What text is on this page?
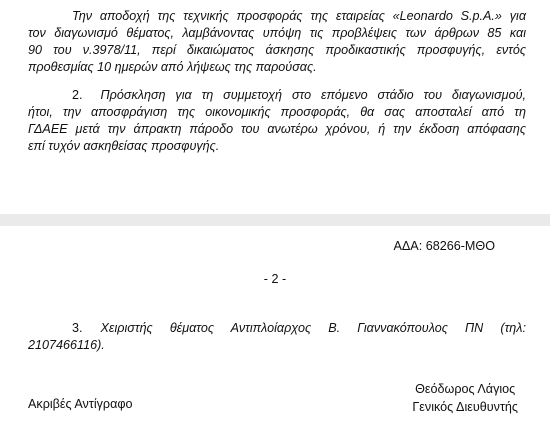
Την αποδοχή της τεχνικής προσφοράς της εταιρείας «Leonardo S.p.A.» για
τον διαγωνισμό θέματος, λαμβάνοντας υπόψη τις προβλέψεις των άρθρων 85 και
90 του ν.3978/11, περί δικαιώματος άσκησης προδικαστικής προσφυγής, εντός
προθεσμίας 10 ημερών από λήψεως της παρούσας.
2. Πρόσκληση για τη συμμετοχή στο επόμενο στάδιο του διαγωνισμού,
ήτοι, την αποσφράγιση της οικονομικής προσφοράς, θα σας αποσταλεί από τη
ΓΔΑΕΕ μετά την άπρακτη πάροδο του ανωτέρω χρόνου, ή την έκδοση απόφασης
επί τυχόν ασκηθείσας προσφυγής.
ΑΔΑ: 68266-ΜΘΟ
- 2 -
3. Χειριστής θέματος Αντιπλοίαρχος Β. Γιαννακόπουλος ΠΝ (τηλ:
2107466116).
Ακριβές Αντίγραφο
Θεόδωρος Λάγιος
Γενικός Διευθυντής
